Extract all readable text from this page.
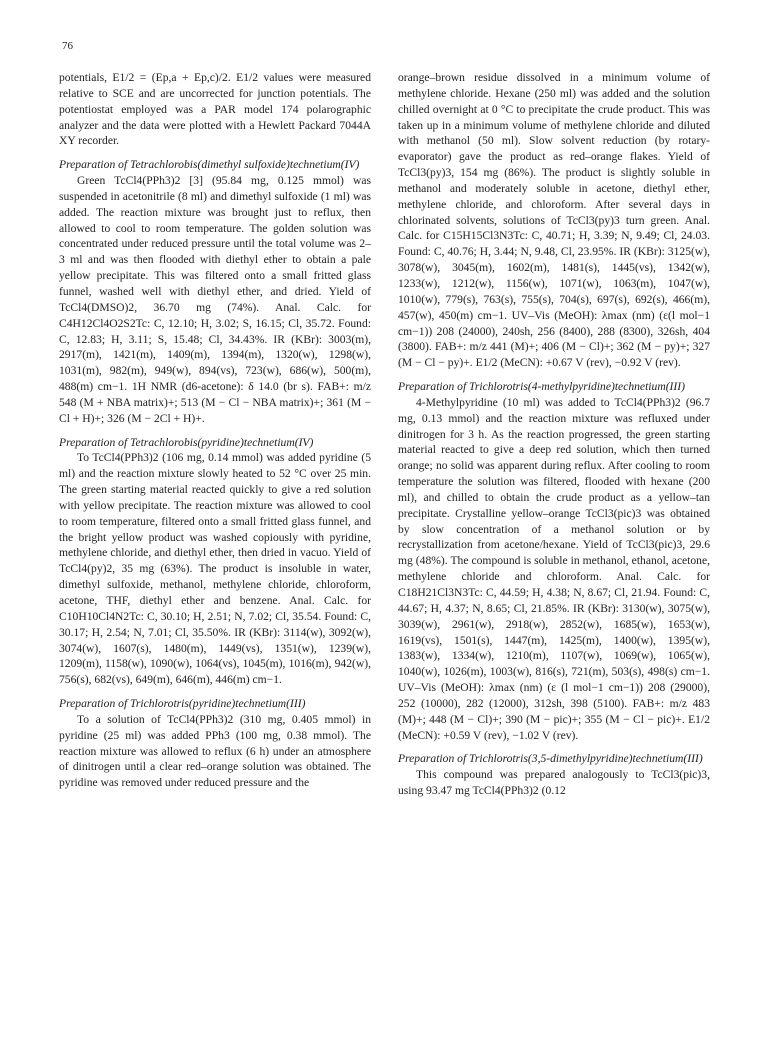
76

potentials, E1/2 = (Ep,a + Ep,c)/2. E1/2 values were measured relative to SCE and are uncorrected for junction potentials. The potentiostat employed was a PAR model 174 polarographic analyzer and the data were plotted with a Hewlett Packard 7044A XY recorder.

Preparation of Tetrachlorobis(dimethyl sulfoxide)technetium(IV)

Green TcCl4(PPh3)2 [3] (95.84 mg, 0.125 mmol) was suspended in acetonitrile (8 ml) and dimethyl sulfoxide (1 ml) was added. The reaction mixture was brought just to reflux, then allowed to cool to room temperature. The golden solution was concentrated under reduced pressure until the total volume was 2–3 ml and was then flooded with diethyl ether to obtain a pale yellow precipitate. This was filtered onto a small fritted glass funnel, washed well with diethyl ether, and dried. Yield of TcCl4(DMSO)2, 36.70 mg (74%). Anal. Calc. for C4H12Cl4O2S2Tc: C, 12.10; H, 3.02; S, 16.15; Cl, 35.72. Found: C, 12.83; H, 3.11; S, 15.48; Cl, 34.43%. IR (KBr): 3003(m), 2917(m), 1421(m), 1409(m), 1394(m), 1320(w), 1298(w), 1031(m), 982(m), 949(w), 894(vs), 723(w), 686(w), 500(m), 488(m) cm−1. 1H NMR (d6-acetone): δ 14.0 (br s). FAB+: m/z 548 (M + NBA matrix)+; 513 (M − Cl − NBA matrix)+; 361 (M − Cl + H)+; 326 (M − 2Cl + H)+.

Preparation of Tetrachlorobis(pyridine)technetium(IV)

To TcCl4(PPh3)2 (106 mg, 0.14 mmol) was added pyridine (5 ml) and the reaction mixture slowly heated to 52 °C over 25 min. The green starting material reacted quickly to give a red solution with yellow precipitate. The reaction mixture was allowed to cool to room temperature, filtered onto a small fritted glass funnel, and the bright yellow product was washed copiously with pyridine, methylene chloride, and diethyl ether, then dried in vacuo. Yield of TcCl4(py)2, 35 mg (63%). The product is insoluble in water, dimethyl sulfoxide, methanol, methylene chloride, chloroform, acetone, THF, diethyl ether and benzene. Anal. Calc. for C10H10Cl4N2Tc: C, 30.10; H, 2.51; N, 7.02; Cl, 35.54. Found: C, 30.17; H, 2.54; N, 7.01; Cl, 35.50%. IR (KBr): 3114(w), 3092(w), 3074(w), 1607(s), 1480(m), 1449(vs), 1351(w), 1239(w), 1209(m), 1158(w), 1090(w), 1064(vs), 1045(m), 1016(m), 942(w), 756(s), 682(vs), 649(m), 646(m), 446(m) cm−1.

Preparation of Trichlorotris(pyridine)technetium(III)

To a solution of TcCl4(PPh3)2 (310 mg, 0.405 mmol) in pyridine (25 ml) was added PPh3 (100 mg, 0.38 mmol). The reaction mixture was allowed to reflux (6 h) under an atmosphere of dinitrogen until a clear red–orange solution was obtained. The pyridine was removed under reduced pressure and the

orange–brown residue dissolved in a minimum volume of methylene chloride. Hexane (250 ml) was added and the solution chilled overnight at 0 °C to precipitate the crude product. This was taken up in a minimum volume of methylene chloride and diluted with methanol (50 ml). Slow solvent reduction (by rotary-evaporator) gave the product as red–orange flakes. Yield of TcCl3(py)3, 154 mg (86%). The product is slightly soluble in methanol and moderately soluble in acetone, diethyl ether, methylene chloride, and chloroform. After several days in chlorinated solvents, solutions of TcCl3(py)3 turn green. Anal. Calc. for C15H15Cl3N3Tc: C, 40.71; H, 3.39; N, 9.49; Cl, 24.03. Found: C, 40.76; H, 3.44; N, 9.48, Cl, 23.95%. IR (KBr): 3125(w), 3078(w), 3045(m), 1602(m), 1481(s), 1445(vs), 1342(w), 1233(w), 1212(w), 1156(w), 1071(w), 1063(m), 1047(w), 1010(w), 779(s), 763(s), 755(s), 704(s), 697(s), 692(s), 466(m), 457(w), 450(m) cm−1. UV–Vis (MeOH): λmax (nm) (ε(l mol−1 cm−1)) 208 (24000), 240sh, 256 (8400), 288 (8300), 326sh, 404 (3800). FAB+: m/z 441 (M)+; 406 (M − Cl)+; 362 (M − py)+; 327 (M − Cl − py)+. E1/2 (MeCN): +0.67 V (rev), −0.92 V (rev).

Preparation of Trichlorotris(4-methylpyridine)technetium(III)

4-Methylpyridine (10 ml) was added to TcCl4(PPh3)2 (96.7 mg, 0.13 mmol) and the reaction mixture was refluxed under dinitrogen for 3 h. As the reaction progressed, the green starting material reacted to give a deep red solution, which then turned orange; no solid was apparent during reflux. After cooling to room temperature the solution was filtered, flooded with hexane (200 ml), and chilled to obtain the crude product as a yellow–tan precipitate. Crystalline yellow–orange TcCl3(pic)3 was obtained by slow concentration of a methanol solution or by recrystallization from acetone/hexane. Yield of TcCl3(pic)3, 29.6 mg (48%). The compound is soluble in methanol, ethanol, acetone, methylene chloride and chloroform. Anal. Calc. for C18H21Cl3N3Tc: C, 44.59; H, 4.38; N, 8.67; Cl, 21.94. Found: C, 44.67; H, 4.37; N, 8.65; Cl, 21.85%. IR (KBr): 3130(w), 3075(w), 3039(w), 2961(w), 2918(w), 2852(w), 1685(w), 1653(w), 1619(vs), 1501(s), 1447(m), 1425(m), 1400(w), 1395(w), 1383(w), 1334(w), 1210(m), 1107(w), 1069(w), 1065(w), 1040(w), 1026(m), 1003(w), 816(s), 721(m), 503(s), 498(s) cm−1. UV–Vis (MeOH): λmax (nm) (ε (l mol−1 cm−1)) 208 (29000), 252 (10000), 282 (12000), 312sh, 398 (5100). FAB+: m/z 483 (M)+; 448 (M − Cl)+; 390 (M − pic)+; 355 (M − Cl − pic)+. E1/2 (MeCN): +0.59 V (rev), −1.02 V (rev).

Preparation of Trichlorotris(3,5-dimethylpyridine)technetium(III)

This compound was prepared analogously to TcCl3(pic)3, using 93.47 mg TcCl4(PPh3)2 (0.12
